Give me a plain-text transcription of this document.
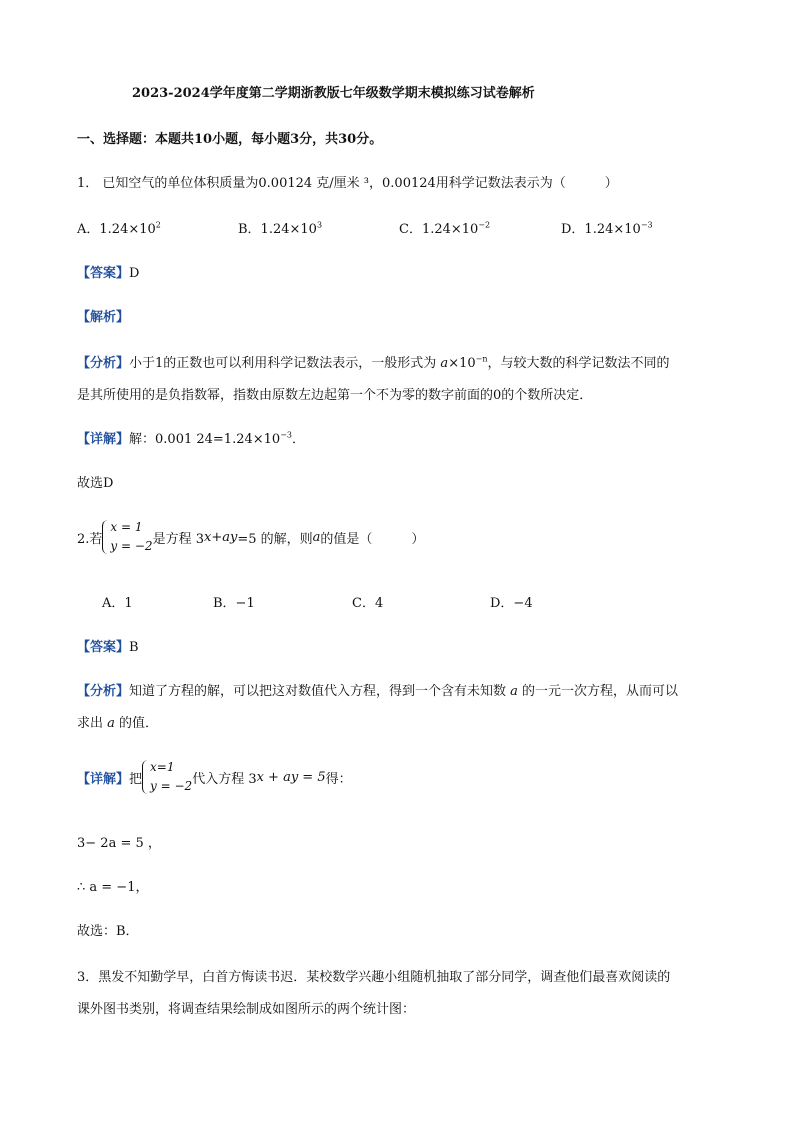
2023-2024学年度第二学期浙教版七年级数学期末模拟练习试卷解析
一、选择题：本题共10小题，每小题3分，共30分。
1． 已知空气的单位体积质量为0.00124 克/厘米 ³，0.00124用科学记数法表示为（　　　）
A．$1.24\times 10^2$	B．$1.24\times 10^3$	C．$1.24\times 10^{-2}$	D．$1.24\times 10^{-3}$
【答案】D
【解析】
【分析】小于1的正数也可以利用科学记数法表示，一般形式为 $a\times 10^{-n}$，与较大数的科学记数法不同的
是其所使用的是负指数幂，指数由原数左边起第一个不为零的数字前面的0的个数所决定．
【详解】解：0.001 $24=1.24\times 10^{-3}$．
故选D
2.若
x = 1
y = −2 是方程 3 x + ay =5 的解，则 a 的值是（　　　）
A．1	B．−1	C．4	D．−4
【答案】B
【分析】知道了方程的解，可以把这对数值代入方程，得到一个含有未知数 a 的一元一次方程，从而可以
求出 a 的值．
【详解】 把
x=1
y = −2 代入方程 3 x + ay = 5 得：
3− 2a = 5 ，
∴ a = −1，
故选：B．
3．黑发不知勤学早，白首方悔读书迟．某校数学兴趣小组随机抽取了部分同学，调查他们最喜欢阅读的
课外图书类别，将调查结果绘制成如图所示的两个统计图：
